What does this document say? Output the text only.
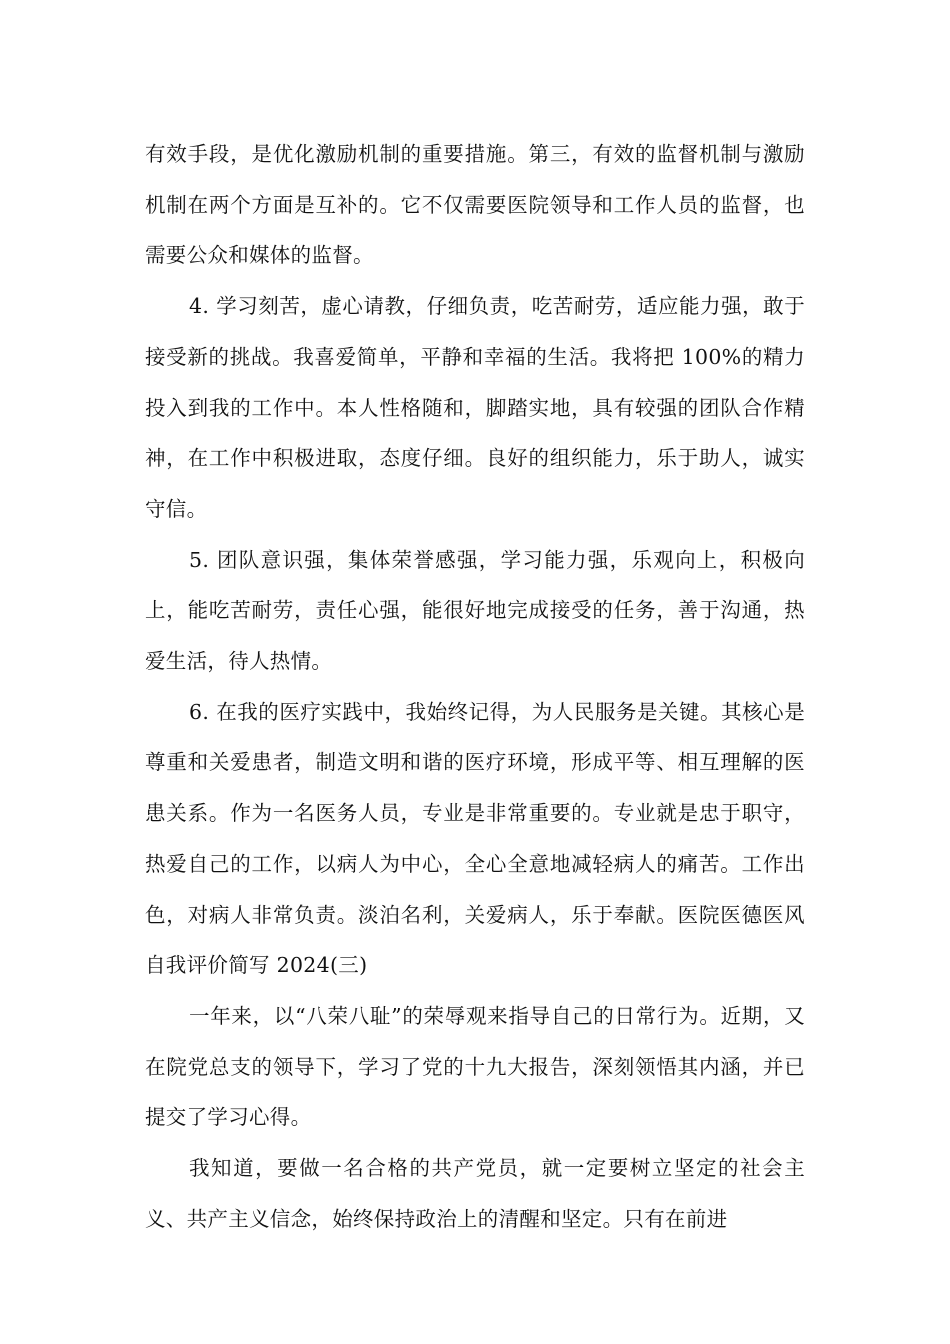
有效手段，是优化激励机制的重要措施。第三，有效的监督机制与激励机制在两个方面是互补的。它不仅需要医院领导和工作人员的监督，也需要公众和媒体的监督。

4. 学习刻苦，虚心请教，仔细负责，吃苦耐劳，适应能力强，敢于接受新的挑战。我喜爱简单，平静和幸福的生活。我将把 100%的精力投入到我的工作中。本人性格随和，脚踏实地，具有较强的团队合作精神，在工作中积极进取，态度仔细。良好的组织能力，乐于助人，诚实守信。

5. 团队意识强，集体荣誉感强，学习能力强，乐观向上，积极向上，能吃苦耐劳，责任心强，能很好地完成接受的任务，善于沟通，热爱生活，待人热情。

6. 在我的医疗实践中，我始终记得，为人民服务是关键。其核心是尊重和关爱患者，制造文明和谐的医疗环境，形成平等、相互理解的医患关系。作为一名医务人员，专业是非常重要的。专业就是忠于职守，热爱自己的工作，以病人为中心，全心全意地减轻病人的痛苦。工作出色，对病人非常负责。淡泊名利，关爱病人，乐于奉献。医院医德医风自我评价简写 2024(三)

一年来，以“八荣八耻”的荣辱观来指导自己的日常行为。近期，又在院党总支的领导下，学习了党的十九大报告，深刻领悟其内涵，并已提交了学习心得。

我知道，要做一名合格的共产党员，就一定要树立坚定的社会主义、共产主义信念，始终保持政治上的清醒和坚定。只有在前进
